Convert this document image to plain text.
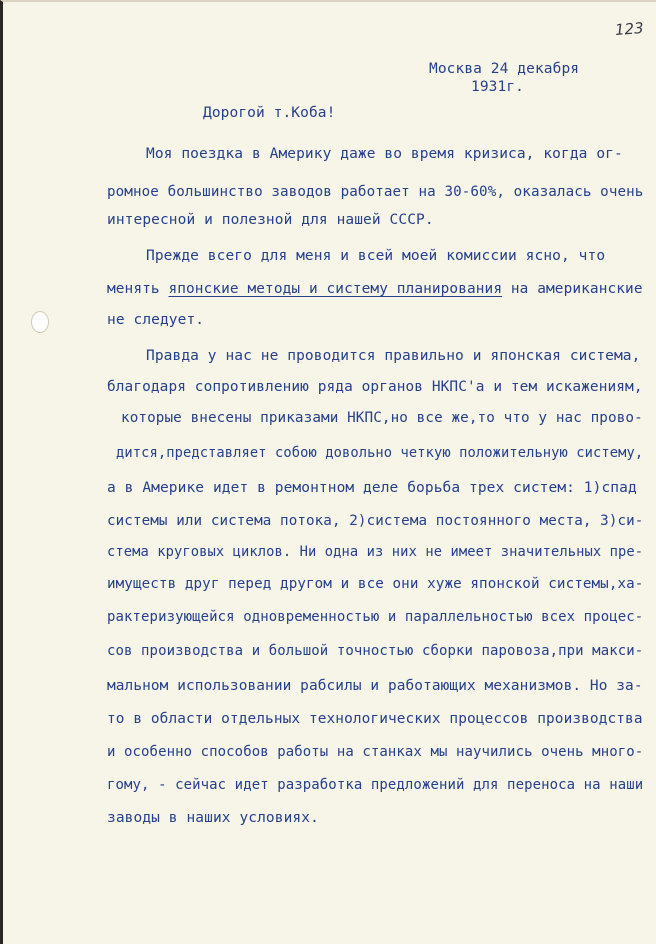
123
Москва 24 декабря
1931г.
Дорогой т.Коба!
Моя поездка в Америку даже во время кризиса, когда ог-
ромное большинство заводов работает на 30-60%, оказалась очень
интересной и полезной для нашей СССР.
Прежде всего для меня и всей моей комиссии ясно, что
менять японские методы и систему планирования на американские
не следует.
Правда у нас не проводится правильно и японская система,
благодаря сопротивлению ряда органов НКПС'а и тем искажениям,
которые внесены приказами НКПС,но все же,то что у нас прово-
дится,представляет собою довольно четкую положительную систему,
а в Америке идет в ремонтном деле борьба трех систем: 1)спад
системы или система потока, 2)система постоянного места, 3)си-
стема круговых циклов. Ни одна из них не имеет значительных пре-
имуществ друг перед другом и все они хуже японской системы,ха-
рактеризующейся одновременностью и параллельностью всех процес-
сов производства и большой точностью сборки паровоза,при макси-
мальном использовании рабсилы и работающих механизмов. Но за-
то в области отдельных технологических процессов производства
и особенно способов работы на станках мы научились очень много-
гому, - сейчас идет разработка предложений для переноса на наши
заводы в наших условиях.
